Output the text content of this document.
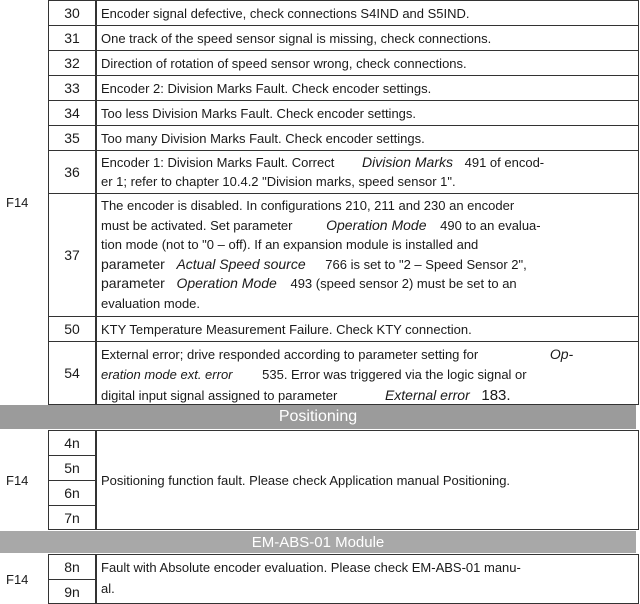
F14
30 Encoder signal defective, check connections S4IND and S5IND.
31 One track of the speed sensor signal is missing, check connections.
32 Direction of rotation of speed sensor wrong, check connections.
33 Encoder 2: Division Marks Fault. Check encoder settings.
34 Too less Division Marks Fault. Check encoder settings.
35 Too many Division Marks Fault. Check encoder settings.
36
Encoder 1: Division Marks Fault. Correct Division Marks 491 of encod-
er 1; refer to chapter 10.4.2 "Division marks, speed sensor 1".
37
The encoder is disabled. In configurations 210, 211 and 230 an encoder
must be activated. Set parameter Operation Mode 490 to an evalua-
tion mode (not to "0 – off). If an expansion module is installed and
parameter Actual Speed source 766 is set to "2 – Speed Sensor 2",
parameter Operation Mode 493 (speed sensor 2) must be set to an
evaluation mode.
50 KTY Temperature Measurement Failure. Check KTY connection.
54
External error; drive responded according to parameter setting for	Op-
eration mode ext. error 535. Error was triggered via the logic signal or
digital input signal assigned to parameter	External error 183.
Positioning
F14
4n
5n
6n
7n
Positioning function fault. Please check Application manual Positioning.
EM-ABS-01 Module
F14
8n
9n
Fault with Absolute encoder evaluation. Please check EM-ABS-01 manu-
al.
